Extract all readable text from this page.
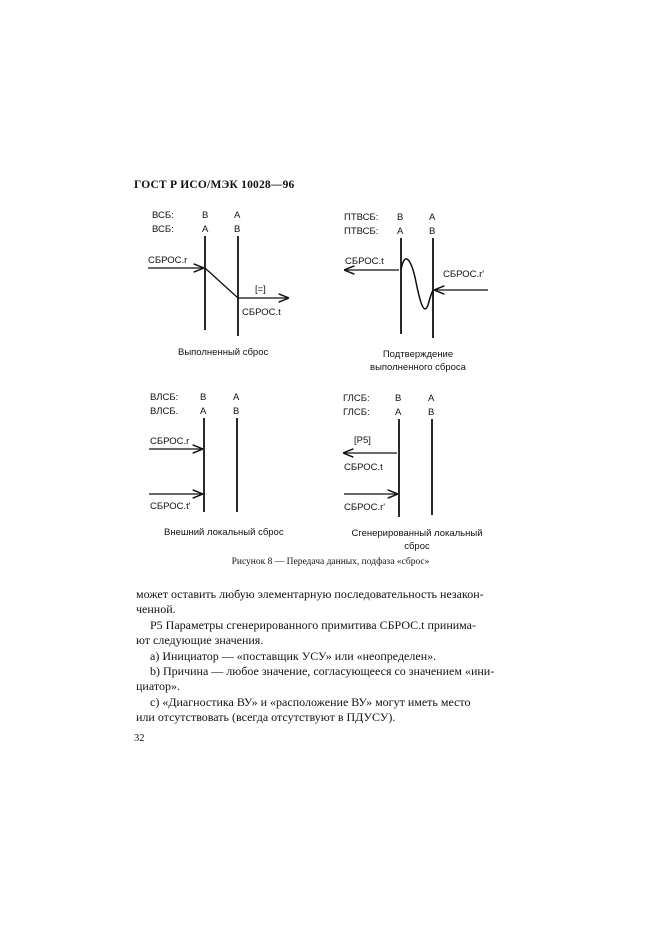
ГОСТ Р ИСО/МЭК 10028—96
ВСБ:	В	А
ВСБ:	А	В
СБРОС.r
[=]
СБРОС.t
Выполненный сброс
ПТВСБ: В	А
ПТВСБ: А	В
СБРОС.t
СБРОС.r'
Подтверждение
выполненного сброса
ВЛСБ: В	А
ВЛСБ. А	В
СБРОС.r
СБРОС.t'
Внешний локальный сброс
ГЛСБ:	В	А
ГЛСБ:	А	В
[Р5]
СБРОС.t
СБРОС.r'
Сгенерированный локальный
сброс
Рисунок 8 — Передача данных, подфаза «сброс»
может оставить любую элементарную последовательность незакон-
ченной.
Р5 Параметры сгенерированного примитива СБРОС.t принима-
ют следующие значения.
а) Инициатор — «поставщик УСУ» или «неопределен».
b) Причина — любое значение, согласующееся со значением «ини-
циатор».
с) «Диагностика ВУ» и «расположение ВУ» могут иметь место
или отсутствовать (всегда отсутствуют в ПДУСУ).
32
